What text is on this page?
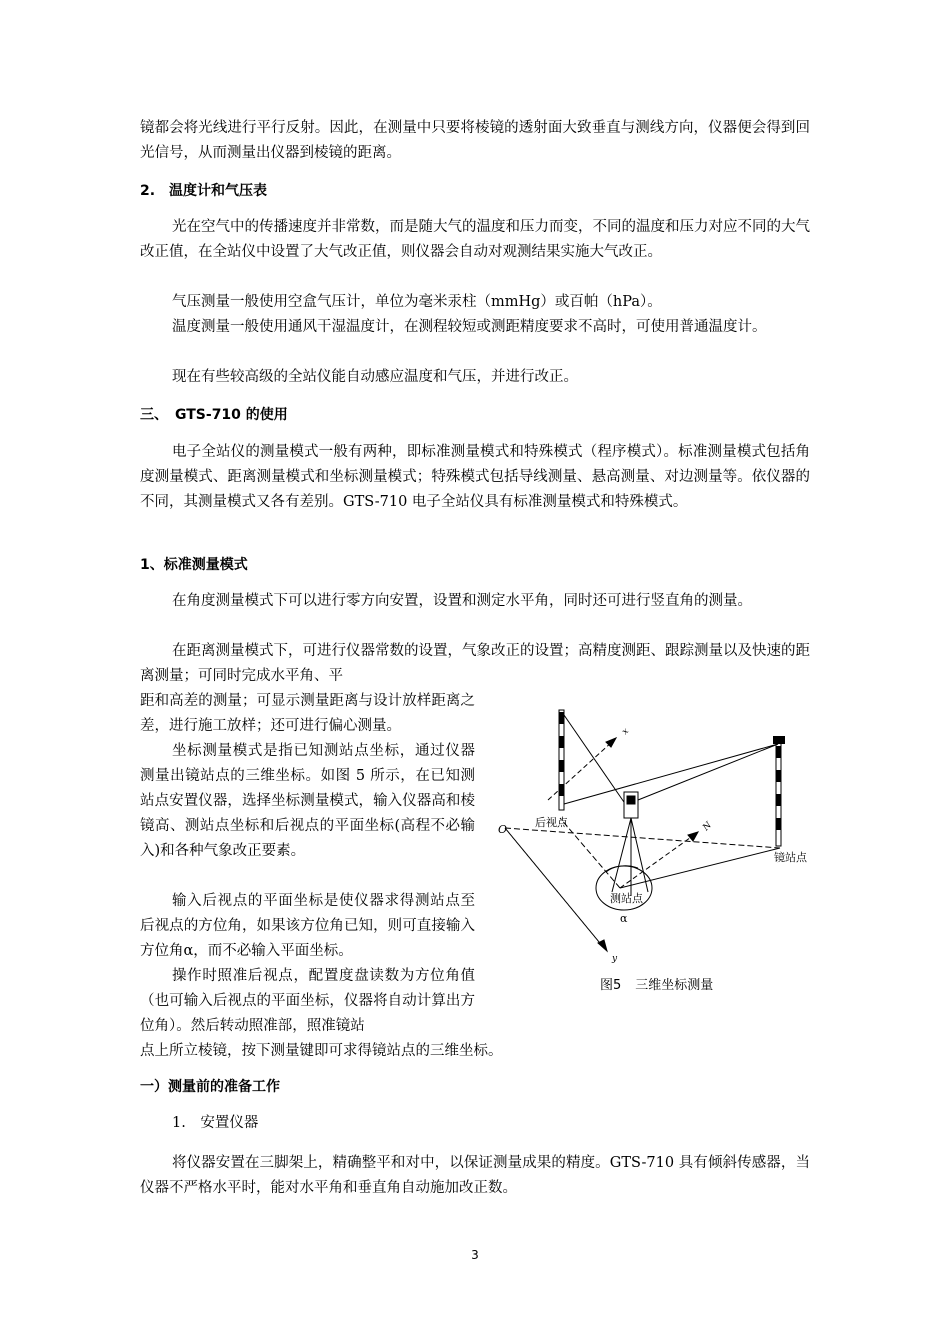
镜都会将光线进行平行反射。因此，在测量中只要将棱镜的透射面大致垂直与测线方向，仪器便会得到回光信号，从而测量出仪器到棱镜的距离。

2.　温度计和气压表

光在空气中的传播速度并非常数，而是随大气的温度和压力而变，不同的温度和压力对应不同的大气改正值，在全站仪中设置了大气改正值，则仪器会自动对观测结果实施大气改正。

气压测量一般使用空盒气压计，单位为毫米汞柱（mmHg）或百帕（hPa）。

温度测量一般使用通风干湿温度计，在测程较短或测距精度要求不高时，可使用普通温度计。

现在有些较高级的全站仪能自动感应温度和气压，并进行改正。

三、　GTS-710 的使用

电子全站仪的测量模式一般有两种，即标准测量模式和特殊模式（程序模式）。标准测量模式包括角度测量模式、距离测量模式和坐标测量模式；特殊模式包括导线测量、悬高测量、对边测量等。依仪器的不同，其测量模式又各有差别。GTS-710 电子全站仪具有标准测量模式和特殊模式。

1、标准测量模式

在角度测量模式下可以进行零方向安置，设置和测定水平角，同时还可进行竖直角的测量。

在距离测量模式下，可进行仪器常数的设置，气象改正的设置；高精度测距、跟踪测量以及快速的距离测量；可同时完成水平角、平

距和高差的测量；可显示测量距离与设计放样距离之差，进行施工放样；还可进行偏心测量。

坐标测量模式是指已知测站点坐标，通过仪器测量出镜站点的三维坐标。如图 5 所示，在已知测站点安置仪器，选择坐标测量模式，输入仪器高和棱镜高、测站点坐标和后视点的平面坐标(高程不必输入)和各种气象改正要素。

输入后视点的平面坐标是使仪器求得测站点至后视点的方位角，如果该方位角已知，则可直接输入方位角α，而不必输入平面坐标。

操作时照准后视点，配置度盘读数为方位角值（也可输入后视点的平面坐标，仪器将自动计算出方位角）。然后转动照准部，照准镜站

点上所立棱镜，按下测量键即可求得镜站点的三维坐标。

一）测量前的准备工作

1.　安置仪器

将仪器安置在三脚架上，精确整平和对中，以保证测量成果的精度。GTS-710 具有倾斜传感器，当仪器不严格水平时，能对水平角和垂直角自动施加改正数。

后视点
测站点
镜站点
O
α
x
N
y
图5 三维坐标测量
3
